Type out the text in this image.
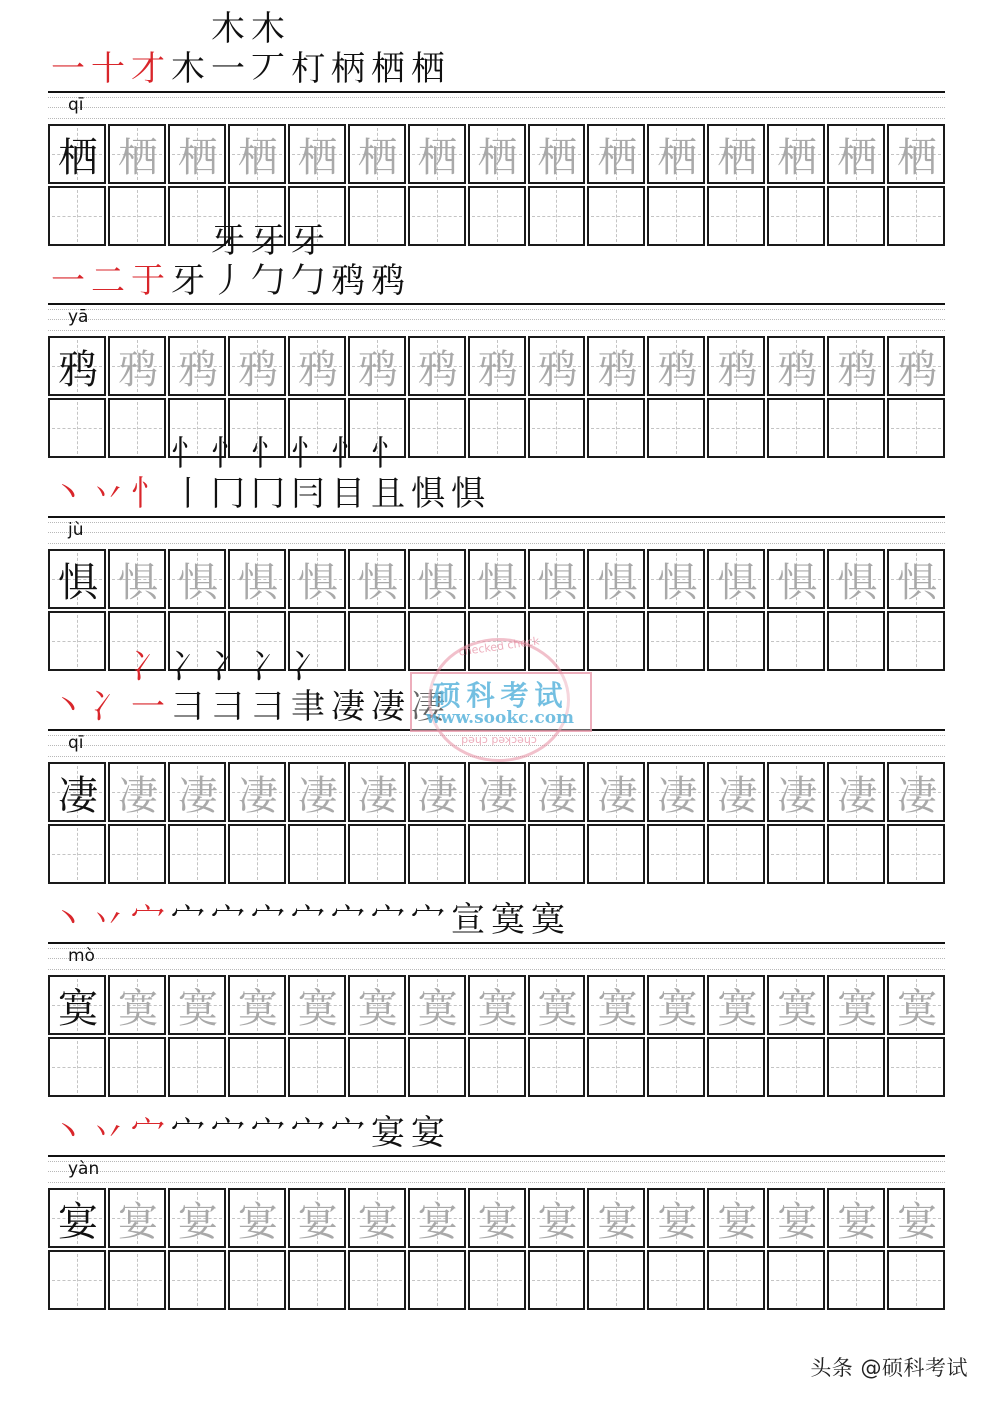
一 十 才 木
木一
木丆 朾 柄 栖 栖
qī
栖 栖 栖 栖 栖 栖 栖 栖 栖 栖 栖 栖 栖 栖 栖
一 二 于 牙
牙丿
牙勹
牙勹 鸦 鸦
yā
鸦 鸦 鸦 鸦 鸦 鸦 鸦 鸦 鸦 鸦 鸦 鸦 鸦 鸦 鸦
丶 丷 忄
忄丨
忄冂
忄冂
忄冃
忄目
忄且 惧 惧
jù
惧 惧 惧 惧 惧 惧 惧 惧 惧 惧 惧 惧 惧 惧 惧
丶 冫
冫一
冫彐
冫彐
冫彐
冫聿 凄 凄 凄
qī
凄 凄 凄 凄 凄 凄 凄 凄 凄 凄 凄 凄 凄 凄 凄
丶 丷 宀 宀 宀 宀 宀 宀 宀 宀 宣 寞 寞
mò
寞 寞 寞 寞 寞 寞 寞 寞 寞 寞 寞 寞 寞 寞 寞
丶 丷 宀 宀 宀 宀 宀 宀 宴 宴
yàn
宴 宴 宴 宴 宴 宴 宴 宴 宴 宴 宴 宴 宴 宴 宴
checked check
checked ched
硕科考试
www.sookc.com
头条 @硕科考试
